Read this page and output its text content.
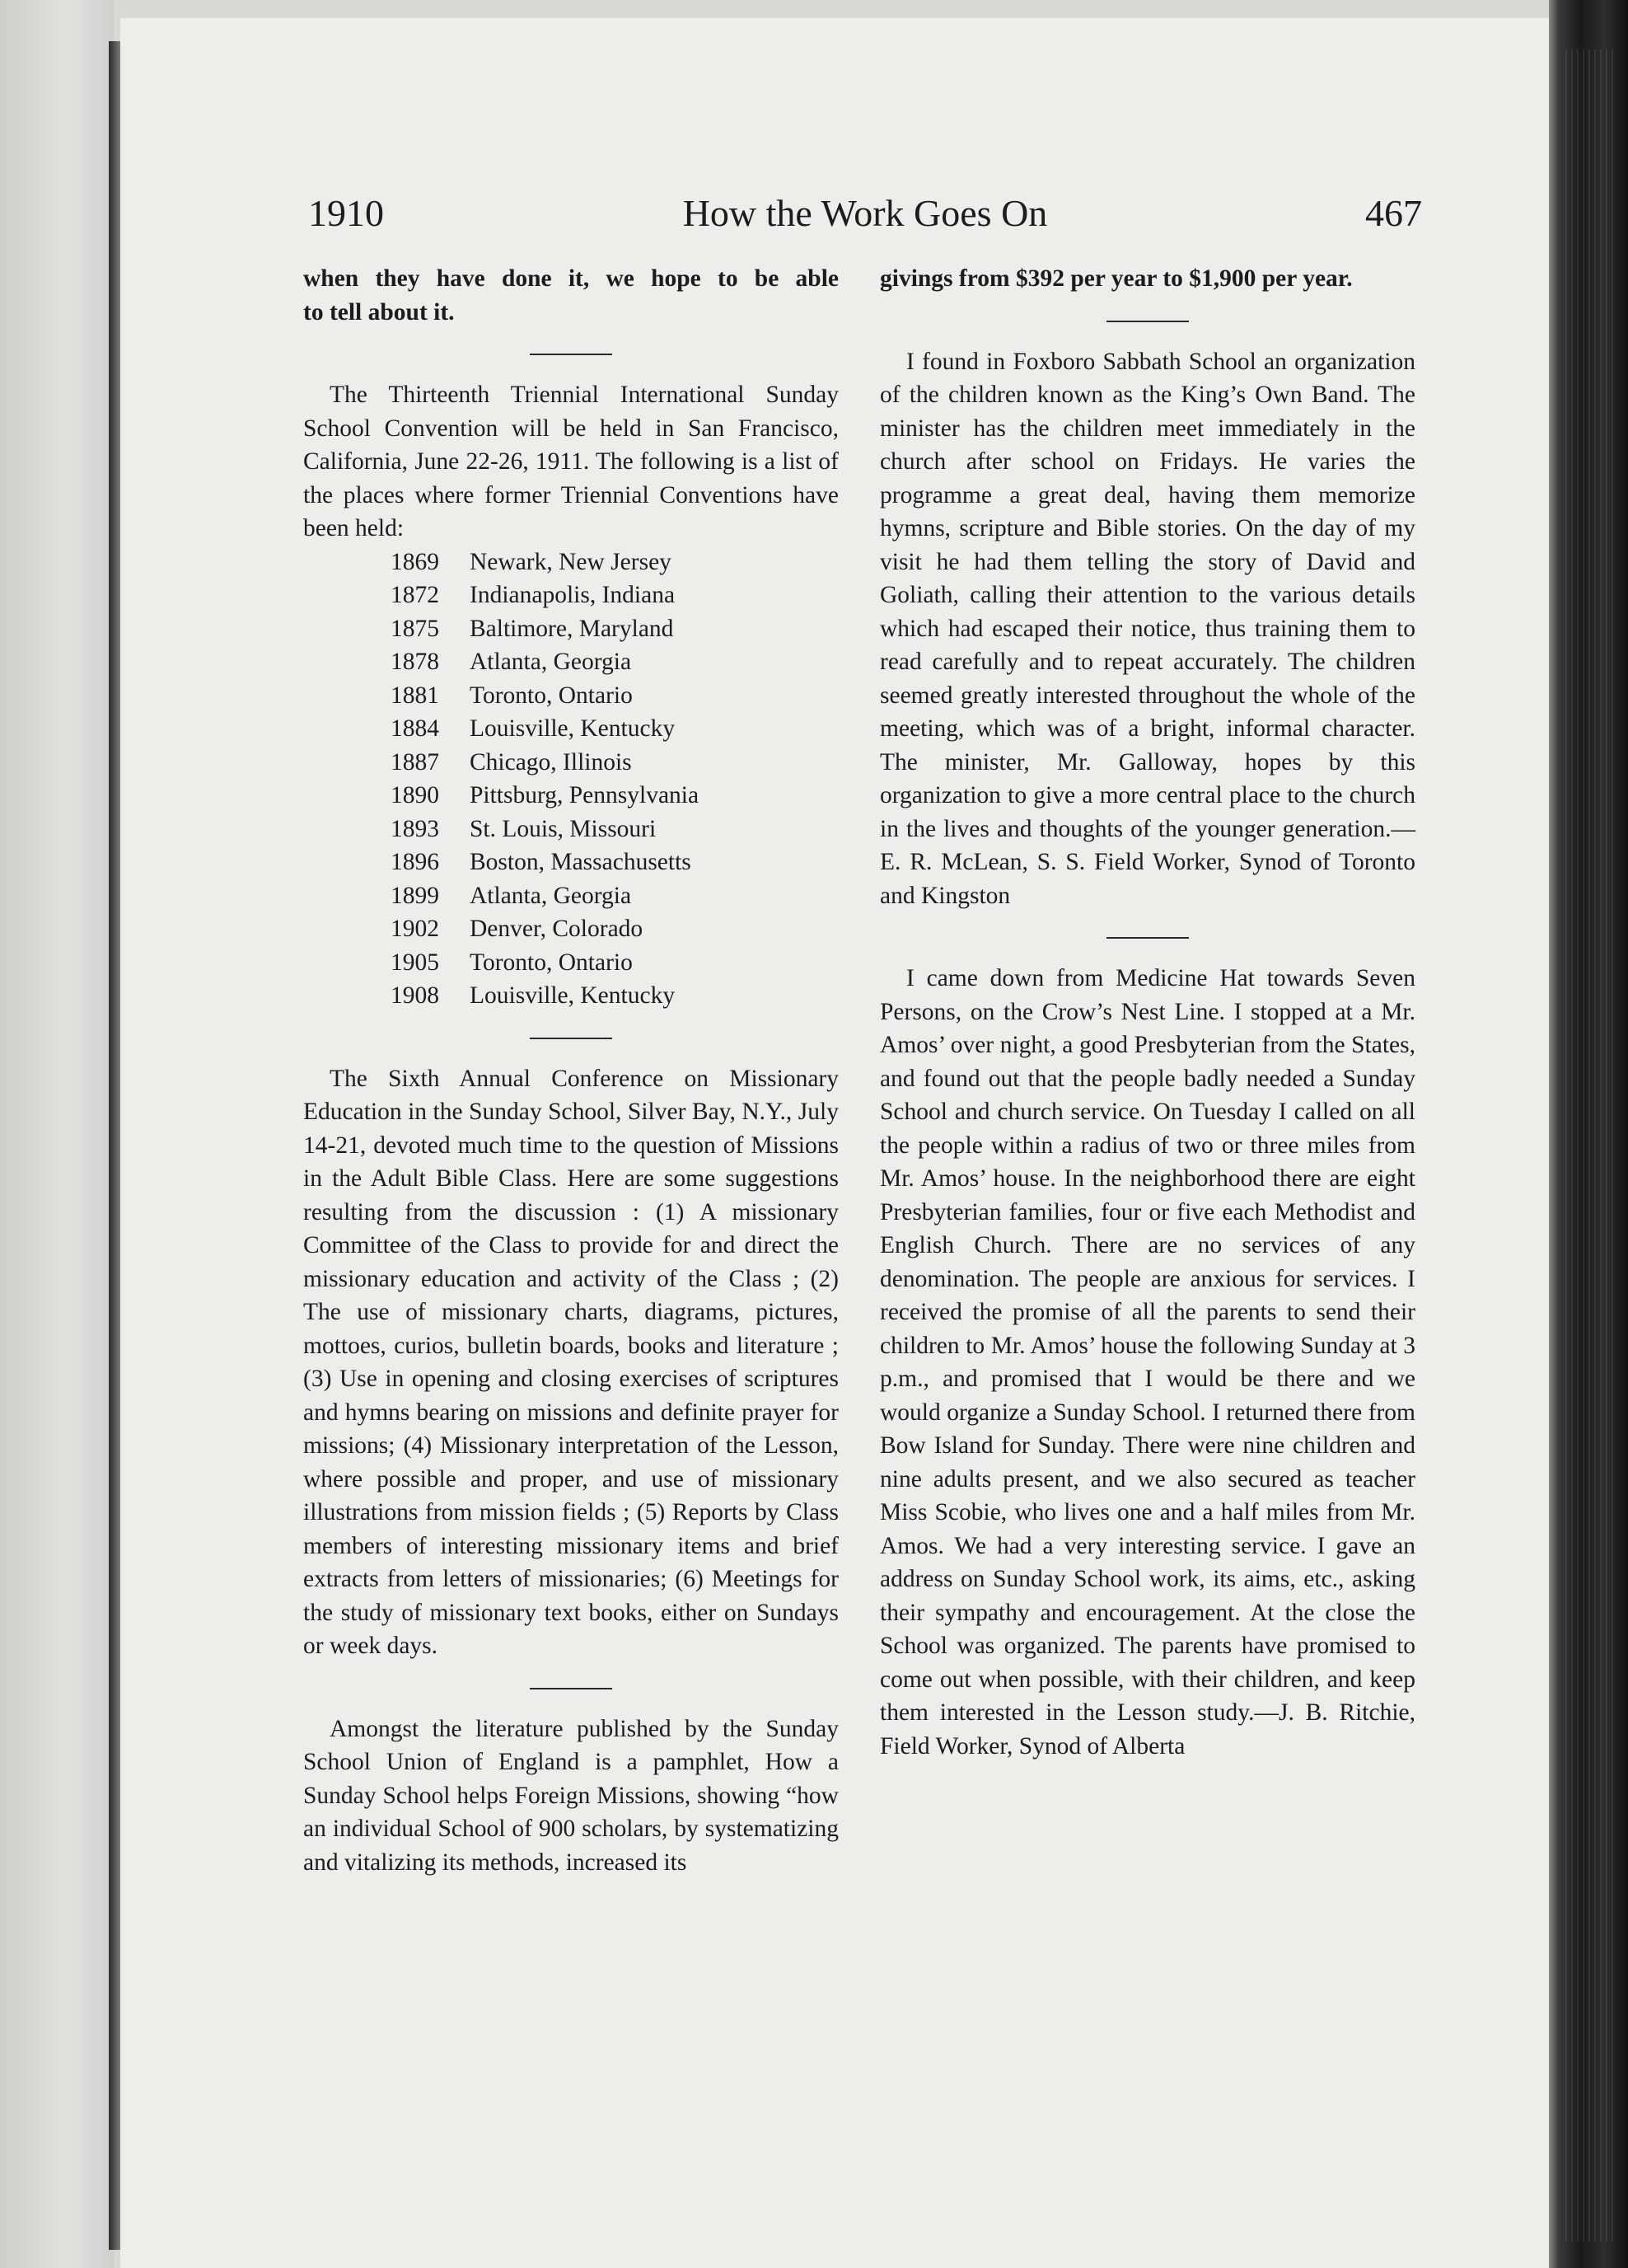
1910	How the Work Goes On	467

when they have done it, we hope to be able

to tell about it.

The Thirteenth Triennial International Sunday School Convention will be held in San Francisco, California, June 22-26, 1911. The following is a list of the places where former Triennial Conventions have been held:

1869	Newark, New Jersey
1872	Indianapolis, Indiana
1875	Baltimore, Maryland
1878	Atlanta, Georgia
1881	Toronto, Ontario
1884	Louisville, Kentucky
1887	Chicago, Illinois
1890	Pittsburg, Pennsylvania
1893	St. Louis, Missouri
1896	Boston, Massachusetts
1899	Atlanta, Georgia
1902	Denver, Colorado
1905	Toronto, Ontario
1908	Louisville, Kentucky

The Sixth Annual Conference on Missionary Education in the Sunday School, Silver Bay, N.Y., July 14-21, devoted much time to the question of Missions in the Adult Bible Class. Here are some suggestions resulting from the discussion : (1) A missionary Committee of the Class to provide for and direct the missionary education and activity of the Class ; (2) The use of missionary charts, diagrams, pictures, mottoes, curios, bulletin boards, books and literature ; (3) Use in opening and closing exercises of scriptures and hymns bearing on missions and definite prayer for missions; (4) Missionary interpretation of the Lesson, where possible and proper, and use of missionary illustrations from mission fields ; (5) Reports by Class members of interesting missionary items and brief extracts from letters of missionaries; (6) Meetings for the study of missionary text books, either on Sundays or week days.

Amongst the literature published by the Sunday School Union of England is a pamphlet, How a Sunday School helps Foreign Missions, showing “how an individual School of 900 scholars, by systematizing and vitalizing its methods, increased its

givings from $392 per year to $1,900 per year.

I found in Foxboro Sabbath School an organization of the children known as the King’s Own Band. The minister has the children meet immediately in the church after school on Fridays. He varies the programme a great deal, having them memorize hymns, scripture and Bible stories. On the day of my visit he had them telling the story of David and Goliath, calling their attention to the various details which had escaped their notice, thus training them to read carefully and to repeat accurately. The children seemed greatly interested throughout the whole of the meeting, which was of a bright, informal character. The minister, Mr. Galloway, hopes by this organization to give a more central place to the church in the lives and thoughts of the younger generation.—E. R. McLean, S. S. Field Worker, Synod of Toronto and Kingston

I came down from Medicine Hat towards Seven Persons, on the Crow’s Nest Line. I stopped at a Mr. Amos’ over night, a good Presbyterian from the States, and found out that the people badly needed a Sunday School and church service. On Tuesday I called on all the people within a radius of two or three miles from Mr. Amos’ house. In the neighborhood there are eight Presbyterian families, four or five each Methodist and English Church. There are no services of any denomination. The people are anxious for services. I received the promise of all the parents to send their children to Mr. Amos’ house the following Sunday at 3 p.m., and promised that I would be there and we would organize a Sunday School. I returned there from Bow Island for Sunday. There were nine children and nine adults present, and we also secured as teacher Miss Scobie, who lives one and a half miles from Mr. Amos. We had a very interesting service. I gave an address on Sunday School work, its aims, etc., asking their sympathy and encouragement. At the close the School was organized. The parents have promised to come out when possible, with their children, and keep them interested in the Lesson study.—J. B. Ritchie, Field Worker, Synod of Alberta
